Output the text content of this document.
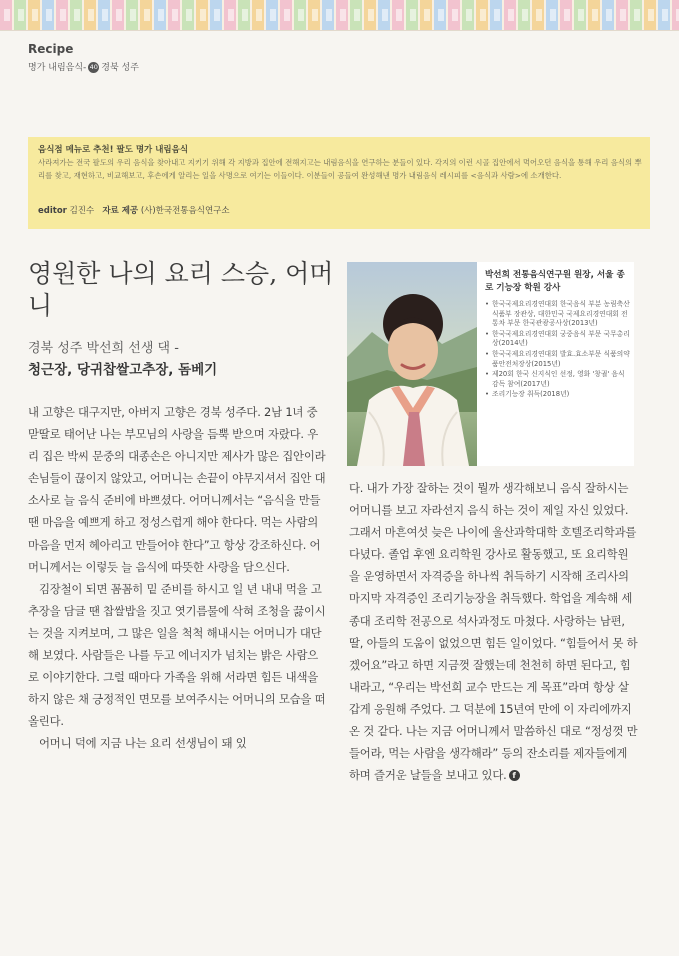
Recipe
명가 내림음식- 40 경북 성주
음식점 메뉴로 추천! 팔도 명가 내림음식
사라져가는 전국 팔도의 우리 음식을 찾아내고 지키기 위해 각 지방과 집안에 전해지고는 내림음식을 연구하는 분들이 있다. 각지의 이런 시골 집안에서 먹어오던 음식을 통해 우리 음식의 뿌리를 찾고, 재현하고, 비교해보고, 후손에게 알리는 일을 사명으로 여기는 이들이다. 이분들이 공들여 완성해낸 명가 내림음식 레시피를 <음식과 사람>에 소개한다.
editor 김진수 자료 제공 (사)한국전통음식연구소
영원한 나의 요리 스승, 어머니
경북 성주 박선희 선생 댁 -
청근장, 당귀찹쌀고추장, 돔베기
박선희 전통음식연구원 원장, 서울 종로 기능장 학원 강사
• 한국국제요리경연대회 한국음식 부분 농림축산식품부 장관상, 대한민국 국제요리경연대회 전통차 부문 한국관광공사상(2013년)
• 한국국제요리경연대회 궁중음식 부문 국무총리상(2014년)
• 한국국제요리경연대회 발효.효소부문 식품의약품안전처장상(2015년)
• 제20회 한국 신지식인 선정, 영화 '창궐' 음식감독 참여(2017년)
• 조리기능장 취득(2018년)

내 고향은 대구지만, 아버지 고향은 경북 성주다. 2남 1녀 중 맏딸로 태어난 나는 부모님의 사랑을 듬뿍 받으며 자랐다. 우리 집은 박씨 문중의 대종손은 아니지만 제사가 많은 집안이라 손님들이 끊이지 않았고, 어머니는 손끝이 야무지셔서 집안 대소사로 늘 음식 준비에 바쁘셨다. 어머니께서는 “음식을 만들 땐 마음을 예쁘게 하고 정성스럽게 해야 한다다. 먹는 사람의 마음을 먼저 헤아리고 만들어야 한다”고 항상 강조하신다. 어머니께서는 이렇듯 늘 음식에 따뜻한 사랑을 담으신다.

김장철이 되면 꼼꼼히 밑 준비를 하시고 일 년 내내 먹을 고추장을 담글 땐 찹쌀밥을 짓고 엿기름물에 삭혀 조청을 끓이시는 것을 지켜보며, 그 많은 일을 척척 해내시는 어머니가 대단해 보였다. 사람들은 나를 두고 에너지가 넘치는 밝은 사람으로 이야기한다. 그럴 때마다 가족을 위해 서라면 힘든 내색을 하지 않은 채 긍정적인 면모를 보여주시는 어머니의 모습을 떠올린다.

어머니 덕에 지금 나는 요리 선생님이 돼 있

다. 내가 가장 잘하는 것이 뭘까 생각해보니 음식 잘하시는 어머니를 보고 자라선지 음식 하는 것이 제일 자신 있었다. 그래서 마흔여섯 늦은 나이에 울산과학대학 호텔조리학과를 다녔다. 졸업 후엔 요리학원 강사로 활동했고, 또 요리학원을 운영하면서 자격증을 하나씩 취득하기 시작해 조리사의 마지막 자격증인 조리기능장을 취득했다. 학업을 계속해 세종대 조리학 전공으로 석사과정도 마쳤다. 사랑하는 남편, 딸, 아들의 도움이 없었으면 힘든 일이었다. “힘들어서 못 하겠어요”라고 하면 지금껏 잘했는데 천천히 하면 된다고, 힘내라고, “우리는 박선희 교수 만드는 게 목표”라며 항상 살갑게 응원해 주었다. 그 덕분에 15년여 만에 이 자리에까지 온 것 같다. 나는 지금 어머니께서 말씀하신 대로 “정성껏 만들어라, 먹는 사람을 생각해라” 등의 잔소리를 제자들에게 하며 즐거운 날들을 보내고 있다. f
